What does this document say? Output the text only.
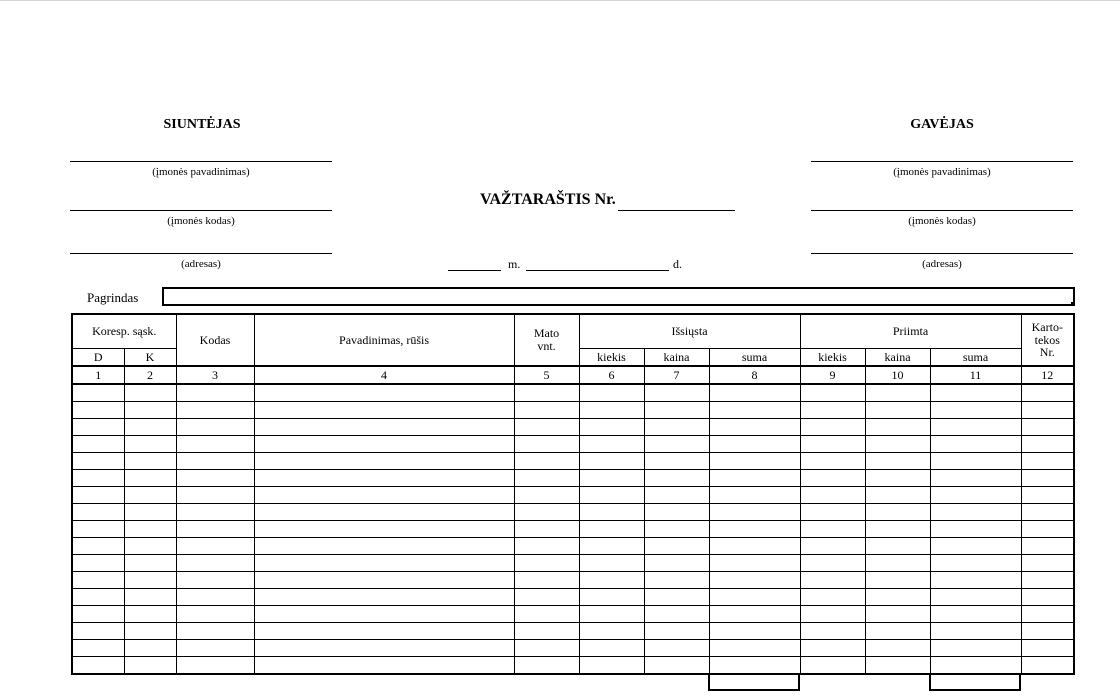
SIUNTĖJAS
(įmonės pavadinimas)
(įmonės kodas)
(adresas)
GAVĖJAS
(įmonės pavadinimas)
(įmonės kodas)
(adresas)
VAŽTARAŠTIS Nr.
m.	d.
Pagrindas
Koresp. sąsk.		Kodas	Pavadinimas, rūšis	Mato vnt.	Išsiųsta			Priimta			Karto-tekos Nr.
D	K				kiekis	kaina	suma	kiekis	kaina	suma	
1	2	3	4	5	6	7	8	9	10	11	12
